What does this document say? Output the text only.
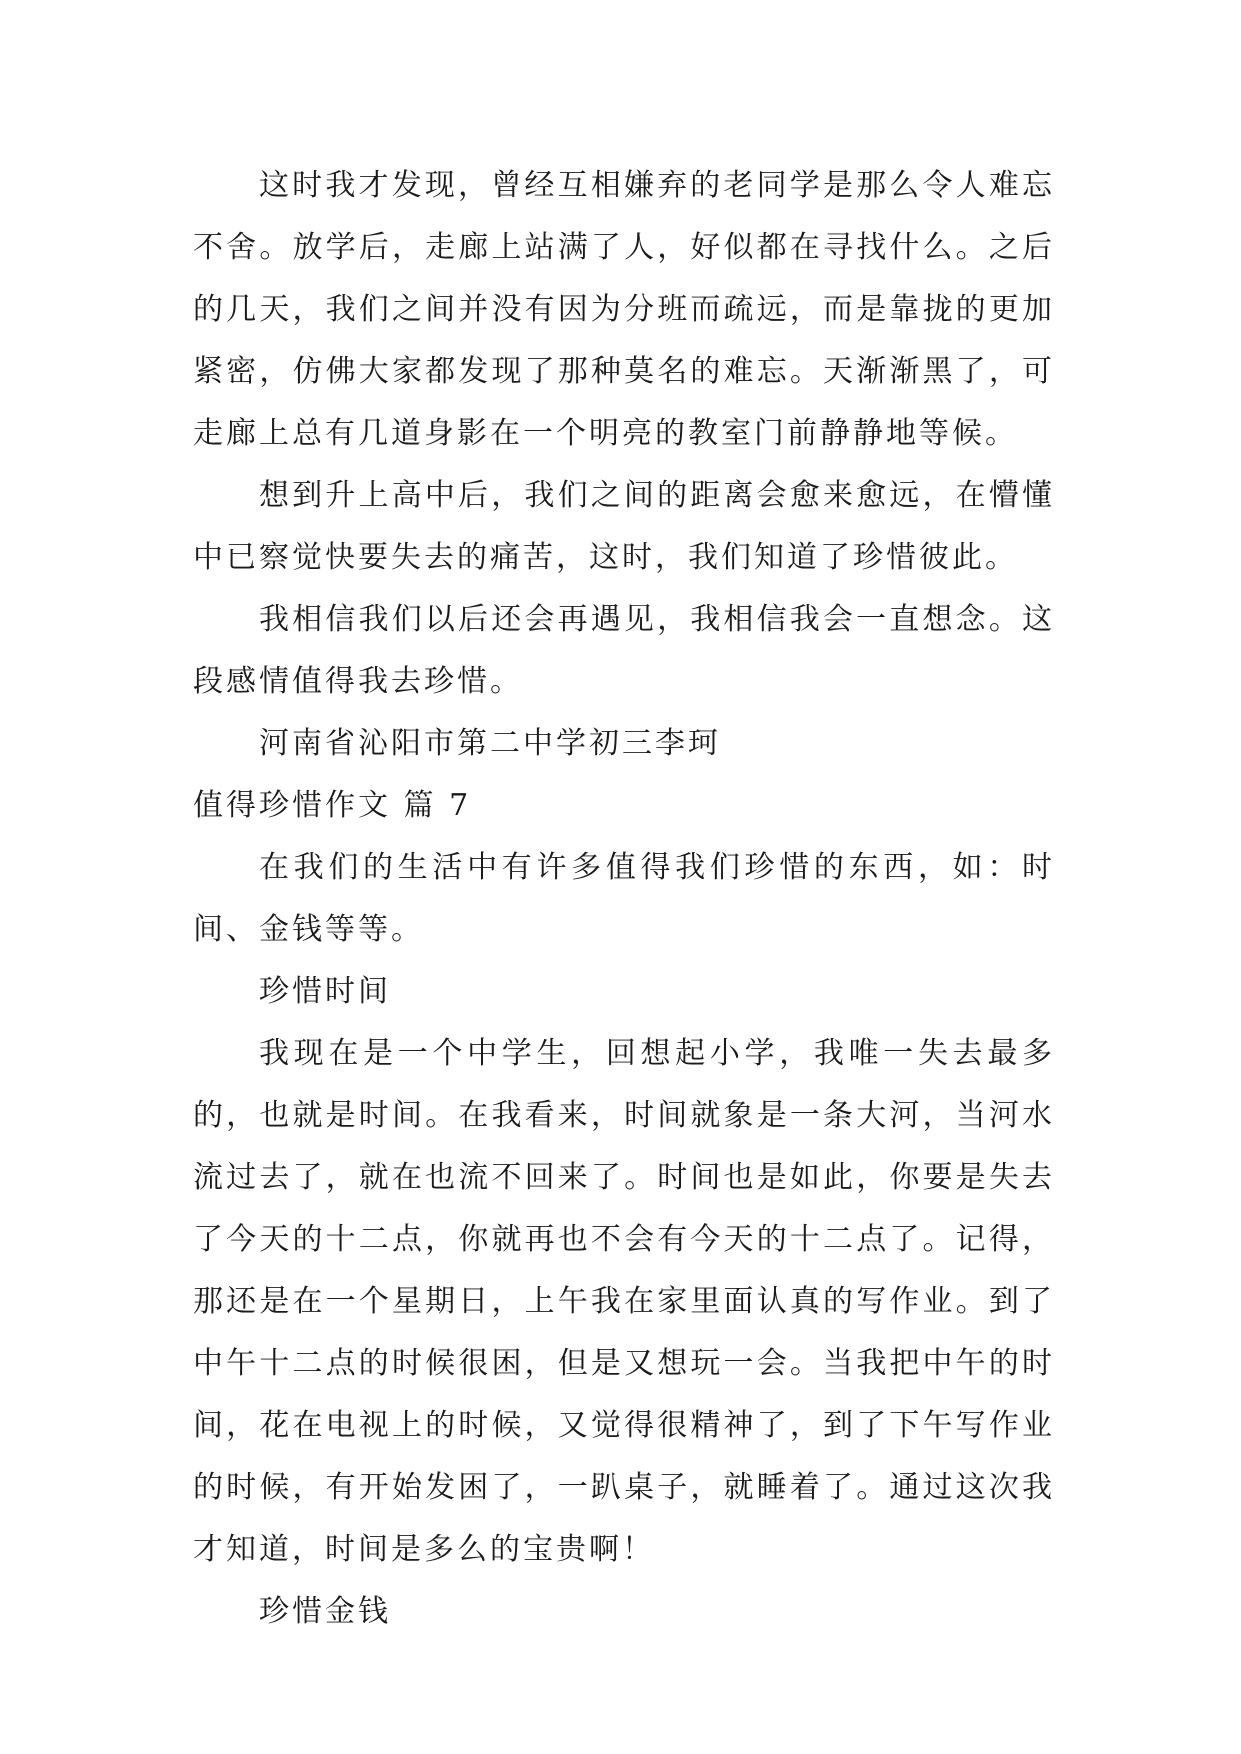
这时我才发现，曾经互相嫌弃的老同学是那么令人难忘不舍。放学后，走廊上站满了人，好似都在寻找什么。之后的几天，我们之间并没有因为分班而疏远，而是靠拢的更加紧密，仿佛大家都发现了那种莫名的难忘。天渐渐黑了，可走廊上总有几道身影在一个明亮的教室门前静静地等候。

想到升上高中后，我们之间的距离会愈来愈远，在懵懂中已察觉快要失去的痛苦，这时，我们知道了珍惜彼此。

我相信我们以后还会再遇见，我相信我会一直想念。这段感情值得我去珍惜。

河南省沁阳市第二中学初三李珂

值得珍惜作文 篇 7

在我们的生活中有许多值得我们珍惜的东西，如：时间、金钱等等。

珍惜时间

我现在是一个中学生，回想起小学，我唯一失去最多的，也就是时间。在我看来，时间就象是一条大河，当河水流过去了，就在也流不回来了。时间也是如此，你要是失去了今天的十二点，你就再也不会有今天的十二点了。记得，那还是在一个星期日，上午我在家里面认真的写作业。到了中午十二点的时候很困，但是又想玩一会。当我把中午的时间，花在电视上的时候，又觉得很精神了，到了下午写作业的时候，有开始发困了，一趴桌子，就睡着了。通过这次我才知道，时间是多么的宝贵啊！

珍惜金钱
